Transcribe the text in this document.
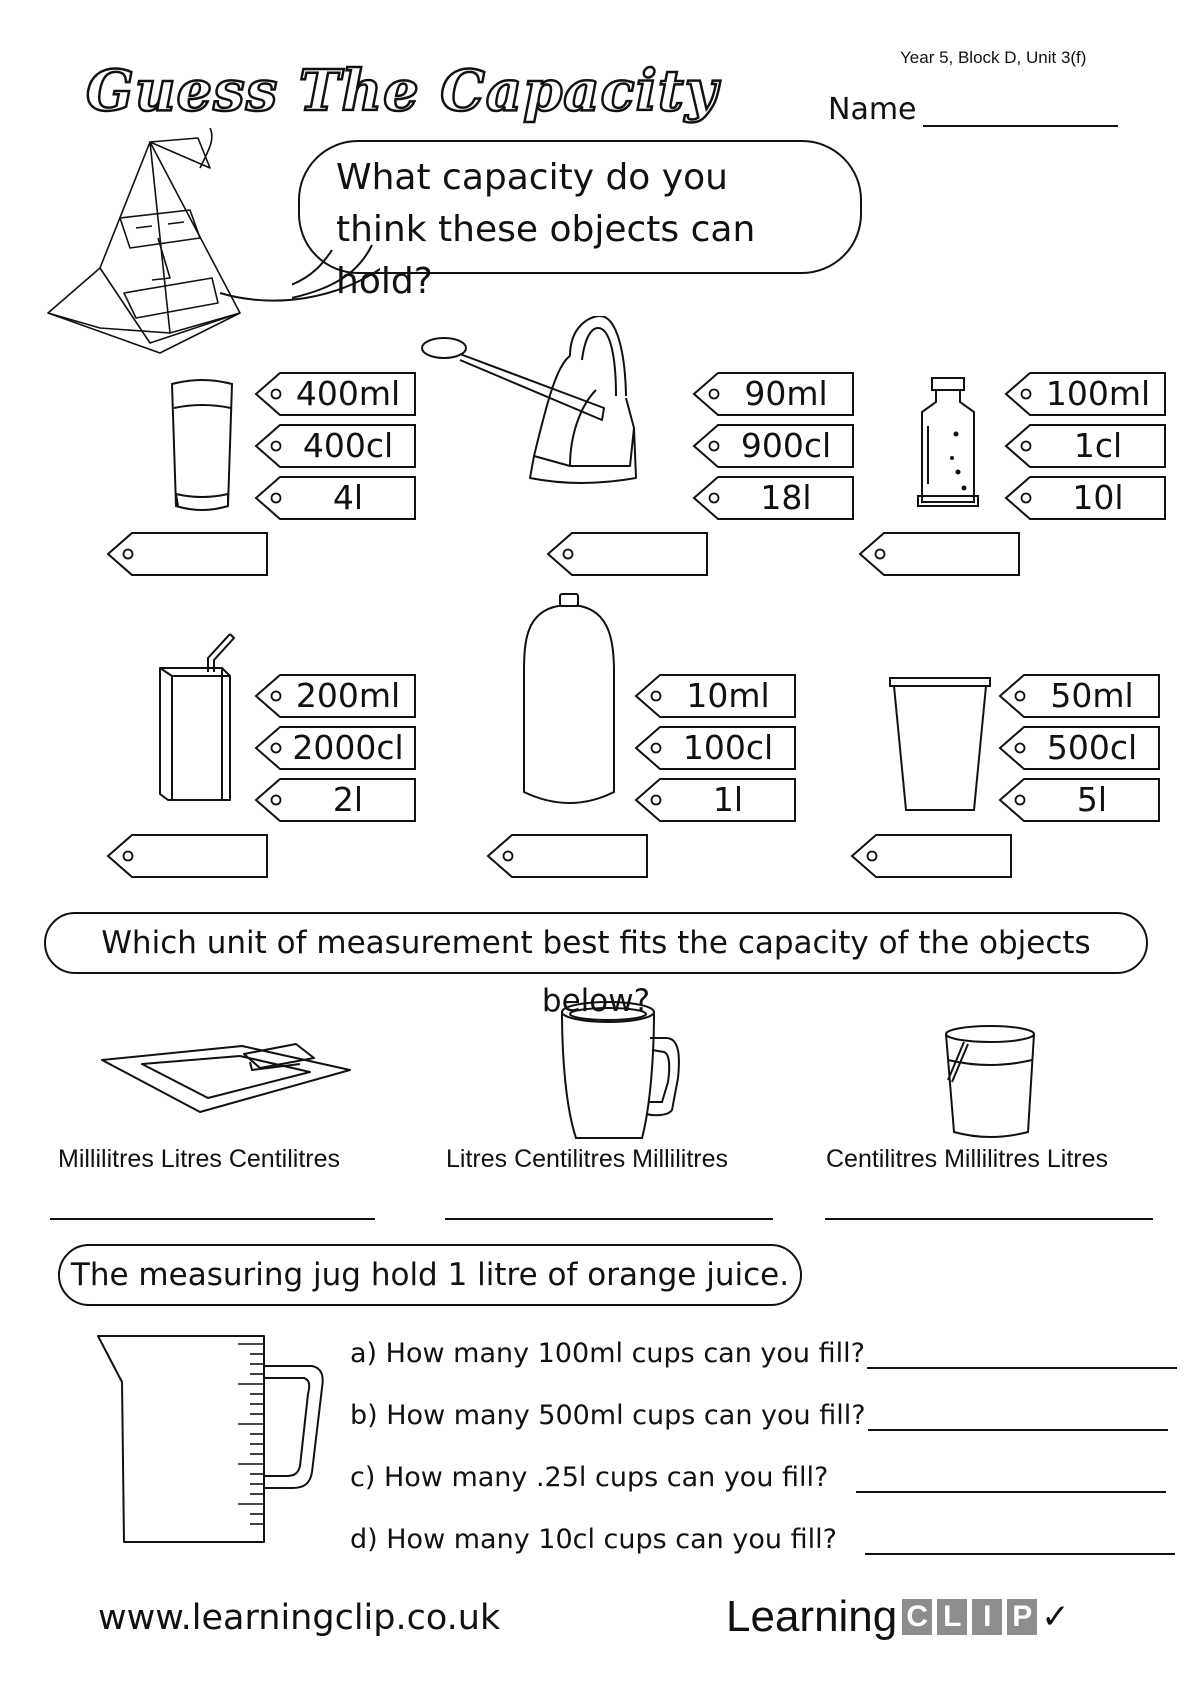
Year 5, Block D, Unit 3(f)
Guess The Capacity	Name
What capacity do you
think these objects can hold?
400ml
400cl
4l
90ml
900cl
18l
100ml
1cl
10l
200ml
2000cl
2l
10ml
100cl
1l
50ml
500cl
5l
Which unit of measurement best fits the capacity of the objects below?
Millilitres Litres Centilitres	Litres Centilitres Millilitres	Centilitres Millilitres Litres
The measuring jug hold 1 litre of orange juice.
a) How many 100ml cups can you fill?
b) How many 500ml cups can you fill?
c) How many .25l cups can you fill?
d) How many 10cl cups can you fill?
www.learningclip.co.uk	Learning C L I P ✓
